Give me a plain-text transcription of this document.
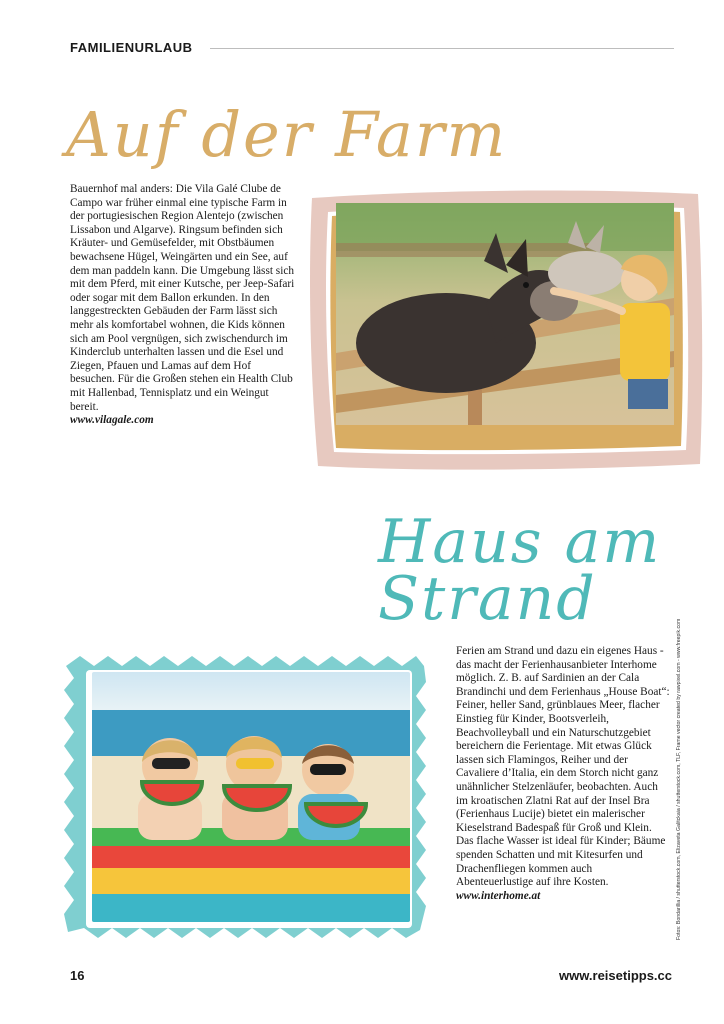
FAMILIENURLAUB
Auf der Farm
Bauernhof mal anders: Die Vila Galé Clube de Campo war früher einmal eine typische Farm in der portugiesischen Region Alentejo (zwischen Lissabon und Algarve). Ringsum befinden sich Kräuter- und Gemüsefelder, mit Obstbäumen bewachsene Hügel, Weingärten und ein See, auf dem man paddeln kann. Die Umgebung lässt sich mit dem Pferd, mit einer Kutsche, per Jeep-Safari oder sogar mit dem Ballon erkunden. In den langgestreckten Gebäuden der Farm lässt sich mehr als komfortabel wohnen, die Kids können sich am Pool vergnügen, sich zwischendurch im Kinderclub unterhalten lassen und die Esel und Ziegen, Pfauen und Lamas auf dem Hof besuchen. Für die Großen stehen ein Health Club mit Hallenbad, Tennisplatz und ein Weingut bereit.
www.vilagale.com
Haus am
Strand
Ferien am Strand und dazu ein eigenes Haus - das macht der Ferienhausanbieter Interhome möglich. Z. B. auf Sardinien an der Cala Brandinchi und dem Ferienhaus „House Boat“: Feiner, heller Sand, grünblaues Meer, flacher Einstieg für Kinder, Bootsverleih, Beachvolleyball und ein Naturschutzgebiet bereichern die Ferientage. Mit etwas Glück lassen sich Flamingos, Reiher und der Cavaliere d’Italia, ein dem Storch nicht ganz unähnlicher Stelzenläufer, beobachten. Auch im kroatischen Zlatni Rat auf der Insel Bra (Ferienhaus Lucije) bietet ein malerischer Kieselstrand Badespaß für Groß und Klein. Das flache Wasser ist ideal für Kinder; Bäume spenden Schatten und mit Kitesurfen und Drachenfliegen kommen auch Abenteuerlustige auf ihre Kosten.
www.interhome.at	Fotos: Bondarillia / shutterstock.com, Elizaveta Galitckaia / shutterstock.com, TLF, Frame vector created by rawpixel.com - www.freepik.com
16	www.reisetipps.cc
